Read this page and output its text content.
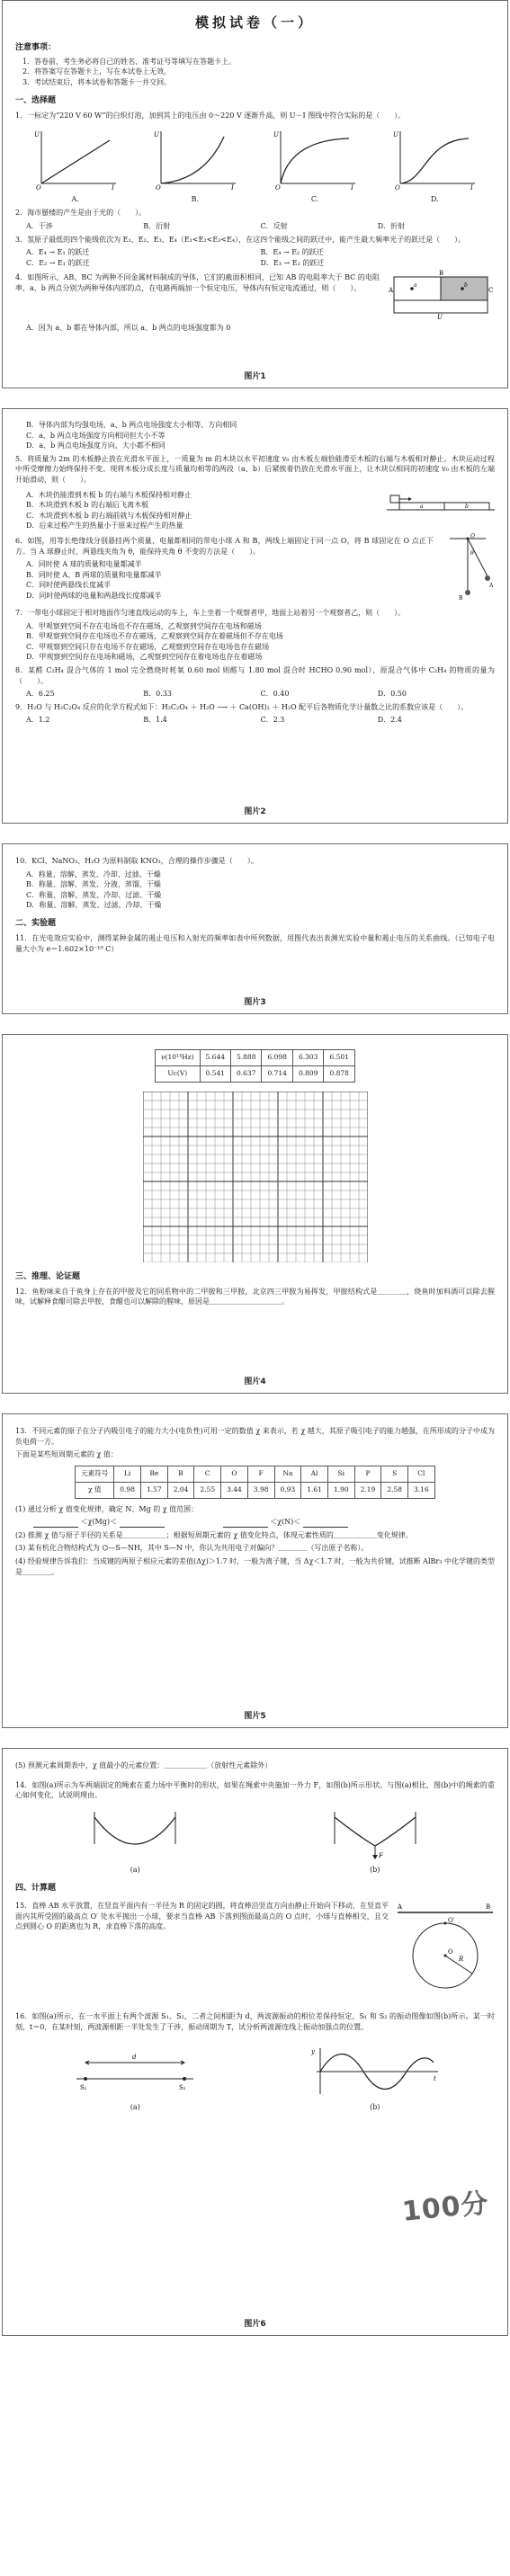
模拟试卷（一）
注意事项：

1．答卷前，考生务必将自己的姓名、准考证号等填写在答题卡上。

2．将答案写在答题卡上，写在本试卷上无效。

3．考试结束后，将本试卷和答题卡一并交回。

一、选择题
1．一标定为“220 V 60 W”的白炽灯泡，加到其上的电压由 0～220 V 逐渐升高，则 U－I 图线中符合实际的是（　　）。
U
O	I
A.
U
O	I
B.
U
O	I
C.
U
O	I
D.
2．海市蜃楼的产生是由于光的（　　）。
A．干涉	B．衍射	C．反射	D．折射
3．氢原子最低的四个能级依次为 E₁、E₂、E₃、E₄（E₁<E₂<E₃<E₄），在这四个能级之间的跃迁中，能产生最大频率光子的跃迁是（　　）。
A．E₄ → E₁ 的跃迁	B．E₄ → E₂ 的跃迁
C．E₂ → E₁ 的跃迁	D．E₃ → E₁ 的跃迁
4．如图所示，AB、BC 为两种不同金属材料制成的导体，它们的截面积相同，已知 AB 的电阻率大于 BC 的电阻率，a、b 两点分别为两种导体内部的点，在电路两端加一个恒定电压，导体内有恒定电流通过，则（　　）。	A
B
C
a	b
U
A．因为 a、b 都在导体内部，所以 a、b 两点的电场强度都为 0
图片1
B．导体内部为均强电场，a、b 两点电场强度大小相等、方向相同
C．a、b 两点电场强度方向相同但大小不等
D．a、b 两点电场强度方向，大小都不相同
5．将质量为 2m 的木板静止放在光滑水平面上，一质量为 m 的木块以水平初速度 v₀ 由木板左端恰能滑至木板的右端与木板相对静止。木块运动过程中所受摩擦力始终保持不变。现将木板分成长度与质量均相等的两段（a、b）后紧挨着仍放在光滑水平面上，让木块以相同的初速度 v₀ 由木板的左端开始滑动，则（　　）。
A．木块仍能滑到木板 b 的右端与木板保持相对静止
B．木块滑到木板 b 的右端后飞离木板
C．木块滑到木板 b 的右端前就与木板保持相对静止
D．后来过程产生的热量小于原来过程产生的热量
a	b
6．如图，用等长绝缘线分别悬挂两个质量、电量都相同的带电小球 A 和 B，两线上端固定于同一点 O，将 B 球固定在 O 点正下方。当 A 球静止时，两悬线夹角为 θ，能保持夹角 θ 不变的方法是（　　）。
A．同时使 A 球的质量和电量都减半
B．同时使 A、B 两球的质量和电量都减半
C．同时使两悬线长度减半
D．同时使两球的电量和两悬线长度都减半
O
θ
B
A
7．一带电小球固定于相对地面作匀速直线运动的车上，车上坐着一个观察者甲，地面上站着另一个观察者乙，则（　　）。
A．甲观察到空间不存在电场也不存在磁场，乙观察到空间存在电场和磁场
B．甲观察到空间存在电场也不存在磁场，乙观察到空间存在着磁场但不存在电场
C．甲观察到空间只存在电场不存在磁场，乙观察到空间存在电场也存在磁场
D．甲观察到空间存在电场和磁场，乙观察到空间存在着电场也存在着磁场
8．某醛 C₂H₄ 混合气体的 1 mol 完全燃烧时耗氧 0.60 mol 则醛与 1.80 mol 混合时 HCHO 0.90 mol），原混合气体中 C₂H₄ 的物质的量为（　　）。
A．6.25	B．0.33	C．0.40	D．0.50
9．H₂O 与 H₂C₂O₄ 反应的化学方程式如下：H₂C₂O₄ ＋ H₂O ⟶ ＋ Ca(OH)₂ ＋ H₂O 配平后各物质化学计量数之比的系数应该是（　　）。
A．1.2	B．1.4	C．2.3	D．2.4
图片2
10．KCl、NaNO₃、H₂O 为原料制取 KNO₃，合理的操作步骤是（　　）。
A．称量、溶解、蒸发、冷却、过滤、干燥
B．称量、溶解、蒸发、分液、蒸馏、干燥
C．称量、溶解、蒸发、冷却、过滤、干燥
D．称量、溶解、蒸发、过滤、冷却、干燥
二、实验题
11．在光电效应实验中，测得某种金属的遏止电压和入射光的频率如表中所列数据，用图代表出表测光实验中量和遏止电压的关系曲线。（已知电子电量大小为 e＝1.602×10⁻¹⁹ C）
图片3
ν(10¹⁴Hz)	5.644	5.888	6.098	6.303	6.501
Uc(V)	0.541	0.637	0.714	0.809	0.878
三、推理、论证题
12．鱼粉味来自于鱼身上存在的甲胺及它的同系物中的二甲胺和三甲胺，北京四三甲胺为易挥发，甲胺结构式是＿＿＿＿，烧鱼时加料酒可以除去腥味，试解释食醋可除去甲胺，食醋也可以解除的腥味，原因是＿＿＿＿＿＿＿＿＿＿。
图片4
13．不同元素的原子在分子内吸引电子的能力大小(电负性)可用一定的数值 χ 来表示，若 χ 越大，其原子吸引电子的能力越强，在所形成的分子中成为负电荷一方。
下面是某些短周期元素的 χ 值：
元素符号	Li	Be	B	C	O	F	Na	Al	Si	P	S	Cl
χ 值	0.98	1.57	2.04	2.55	3.44	3.98	0.93	1.61	1.90	2.19	2.58	3.16
(1) 通过分析 χ 值变化规律，确定 N、Mg 的 χ 值范围：
＜χ(Mg)＜	＜χ(N)＜
(2) 推测 χ 值与原子半径的关系是＿＿＿＿＿＿；根据短周期元素的 χ 值变化特点，体现元素性质的＿＿＿＿＿＿变化规律。
(3) 某有机化合物结构式为 ⌬—S—NH，其中 S—N 中，你认为共用电子对偏向？＿＿＿＿（写出原子名称）。
(4) 经验规律告诉我们：当成键的两原子相应元素的差值(Δχ)＞1.7 时，一般为离子键，当 Δχ＜1.7 时，一般为共价键，试推断 AlBr₃ 中化学键的类型是＿＿＿＿。
图片5
(5) 预测元素周期表中，χ 值最小的元素位置：＿＿＿＿＿＿（放射性元素除外）
14．如图(a)所示为车两端固定的绳索在重力场中平衡时的形状，如果在绳索中央施加一外力 F，如图(b)所示形状。与图(a)相比，图(b)中的绳索的重心如何变化，试说明理由。
(a)
F
(b)
四、计算题
15．直棒 AB 水平放置，在竖直平面内有一半径为 R 的固定的圆，将直棒沿竖直方向由静止开始向下移动，在竖直平面内其所受圆的最高点 O′ 处水平抛出一小球，要求当直棒 AB 下落到图面最高点的 O 点时，小球与直棒相交，且交点到圆心 O 的距离也为 R，求直棒下落的高度。
A	B
O′
O
R
16．如图(a)所示，在一水平面上有两个波源 S₁、S₂，二者之间相距为 d，两波源振动的相位差保持恒定，S₁ 和 S₂ 的振动图像如图(b)所示。某一时刻，t＝0，在某时刻，两波源相距一半处发生了干涉，振动周期为 T，试分析两波源连线上振动加强点的位置。
d
S₁	S₂
(a)
y
t
(b)
100分
图片6
